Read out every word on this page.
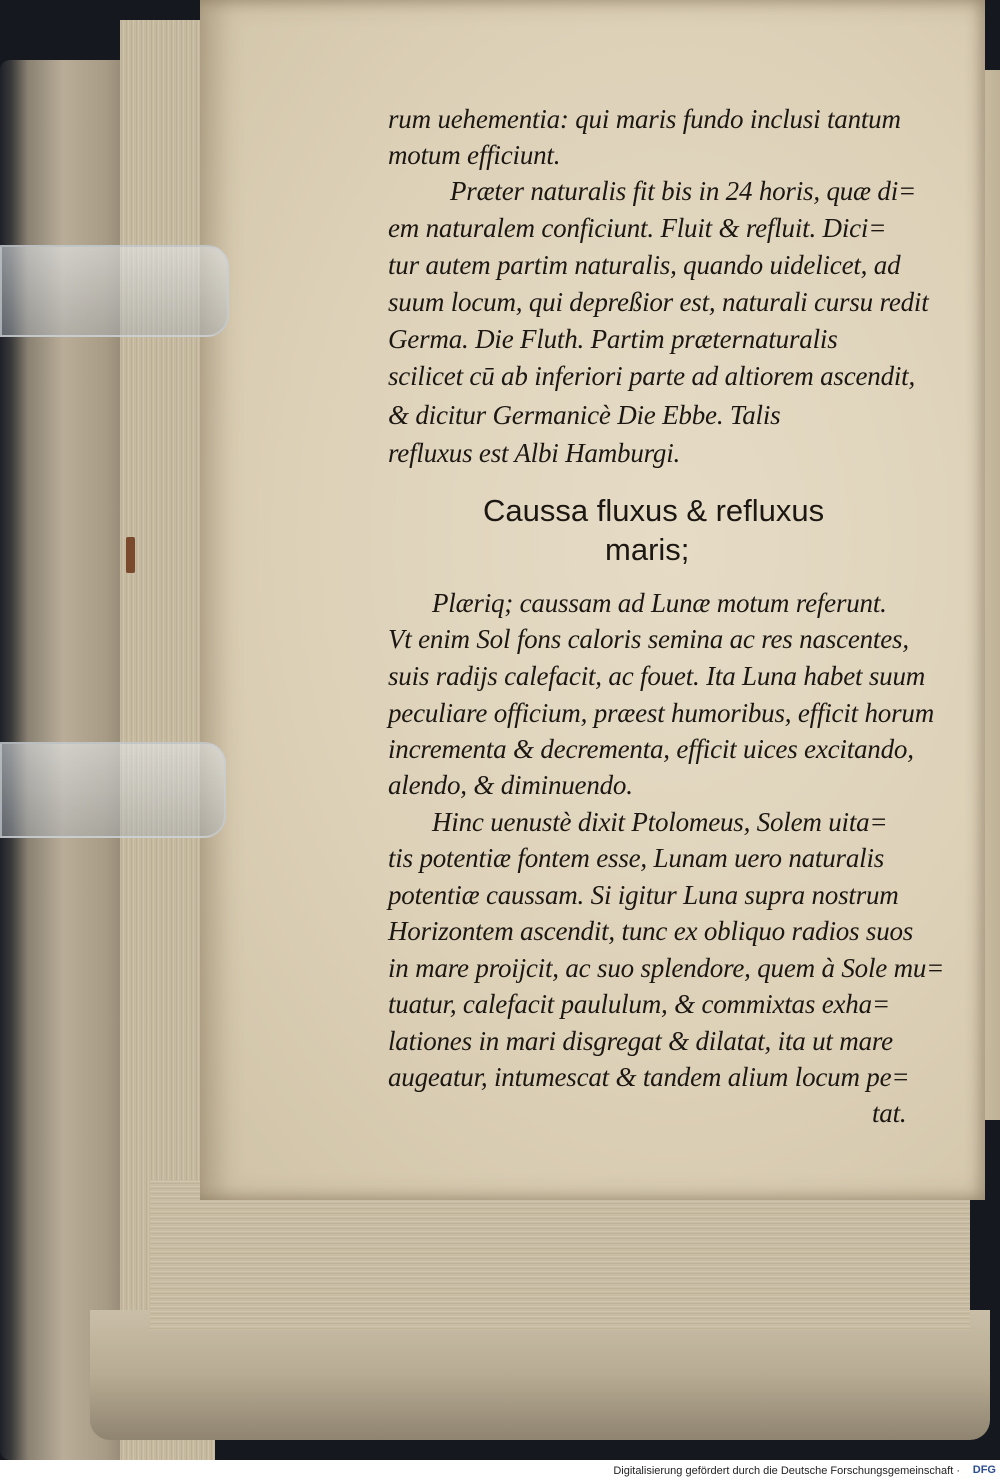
rum uehementia: qui maris fundo inclusi tantum
motum efficiunt.
Præter naturalis fit bis in 24 horis, quæ di=
em naturalem conficiunt. Fluit & refluit. Dici=
tur autem partim naturalis, quando uidelicet, ad
suum locum, qui depreßior est, naturali cursu redit
Germa. Die Fluth. Partim præternaturalis
scilicet cū ab inferiori parte ad altiorem ascendit,
& dicitur Germanicè Die Ebbe. Talis
refluxus est Albi Hamburgi.
Caussa fluxus & refluxus
maris;
Plæriq; caussam ad Lunæ motum referunt.
Vt enim Sol fons caloris semina ac res nascentes,
suis radijs calefacit, ac fouet. Ita Luna habet suum
peculiare officium, præest humoribus, efficit horum
incrementa & decrementa, efficit uices excitando,
alendo, & diminuendo.
Hinc uenustè dixit Ptolomeus, Solem uita=
tis potentiæ fontem esse, Lunam uero naturalis
potentiæ caussam. Si igitur Luna supra nostrum
Horizontem ascendit, tunc ex obliquo radios suos
in mare proijcit, ac suo splendore, quem à Sole mu=
tuatur, calefacit paululum, & commixtas exha=
lationes in mari disgregat & dilatat, ita ut mare
augeatur, intumescat & tandem alium locum pe=
tat.
Digitalisierung gefördert durch die Deutsche Forschungsgemeinschaft · DFG
